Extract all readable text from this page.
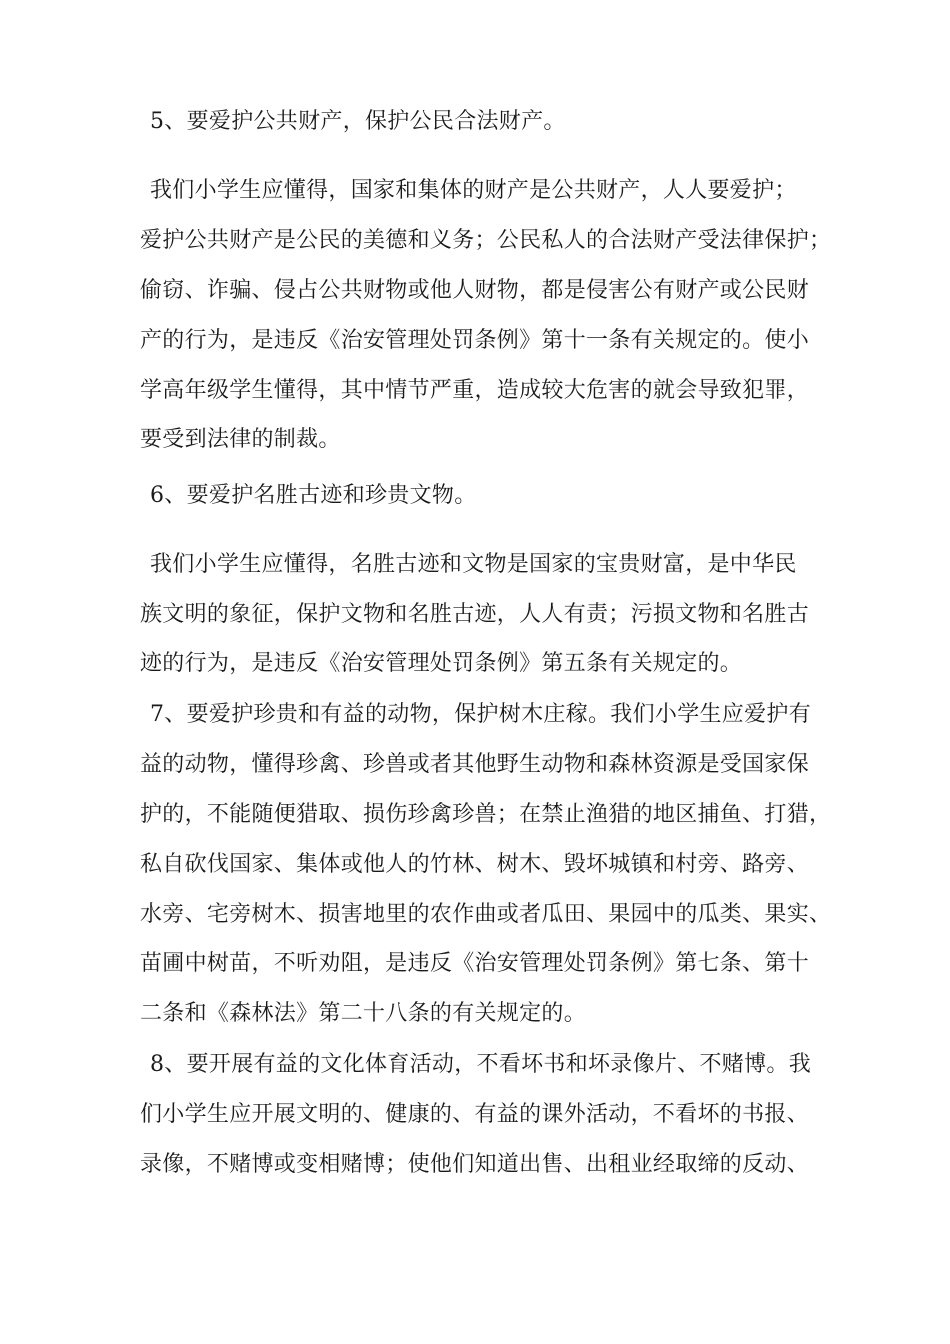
5、要爱护公共财产，保护公民合法财产。
我们小学生应懂得，国家和集体的财产是公共财产，人人要爱护；
爱护公共财产是公民的美德和义务；公民私人的合法财产受法律保护；
偷窃、诈骗、侵占公共财物或他人财物，都是侵害公有财产或公民财
产的行为，是违反《治安管理处罚条例》第十一条有关规定的。使小
学高年级学生懂得，其中情节严重，造成较大危害的就会导致犯罪，
要受到法律的制裁。
6、要爱护名胜古迹和珍贵文物。
我们小学生应懂得，名胜古迹和文物是国家的宝贵财富，是中华民
族文明的象征，保护文物和名胜古迹，人人有责；污损文物和名胜古
迹的行为，是违反《治安管理处罚条例》第五条有关规定的。
7、要爱护珍贵和有益的动物，保护树木庄稼。我们小学生应爱护有
益的动物，懂得珍禽、珍兽或者其他野生动物和森林资源是受国家保
护的，不能随便猎取、损伤珍禽珍兽；在禁止渔猎的地区捕鱼、打猎，
私自砍伐国家、集体或他人的竹林、树木、毁坏城镇和村旁、路旁、
水旁、宅旁树木、损害地里的农作曲或者瓜田、果园中的瓜类、果实、
苗圃中树苗，不听劝阻，是违反《治安管理处罚条例》第七条、第十
二条和《森林法》第二十八条的有关规定的。
8、要开展有益的文化体育活动，不看坏书和坏录像片、不赌博。我
们小学生应开展文明的、健康的、有益的课外活动，不看坏的书报、
录像，不赌博或变相赌博；使他们知道出售、出租业经取缔的反动、
